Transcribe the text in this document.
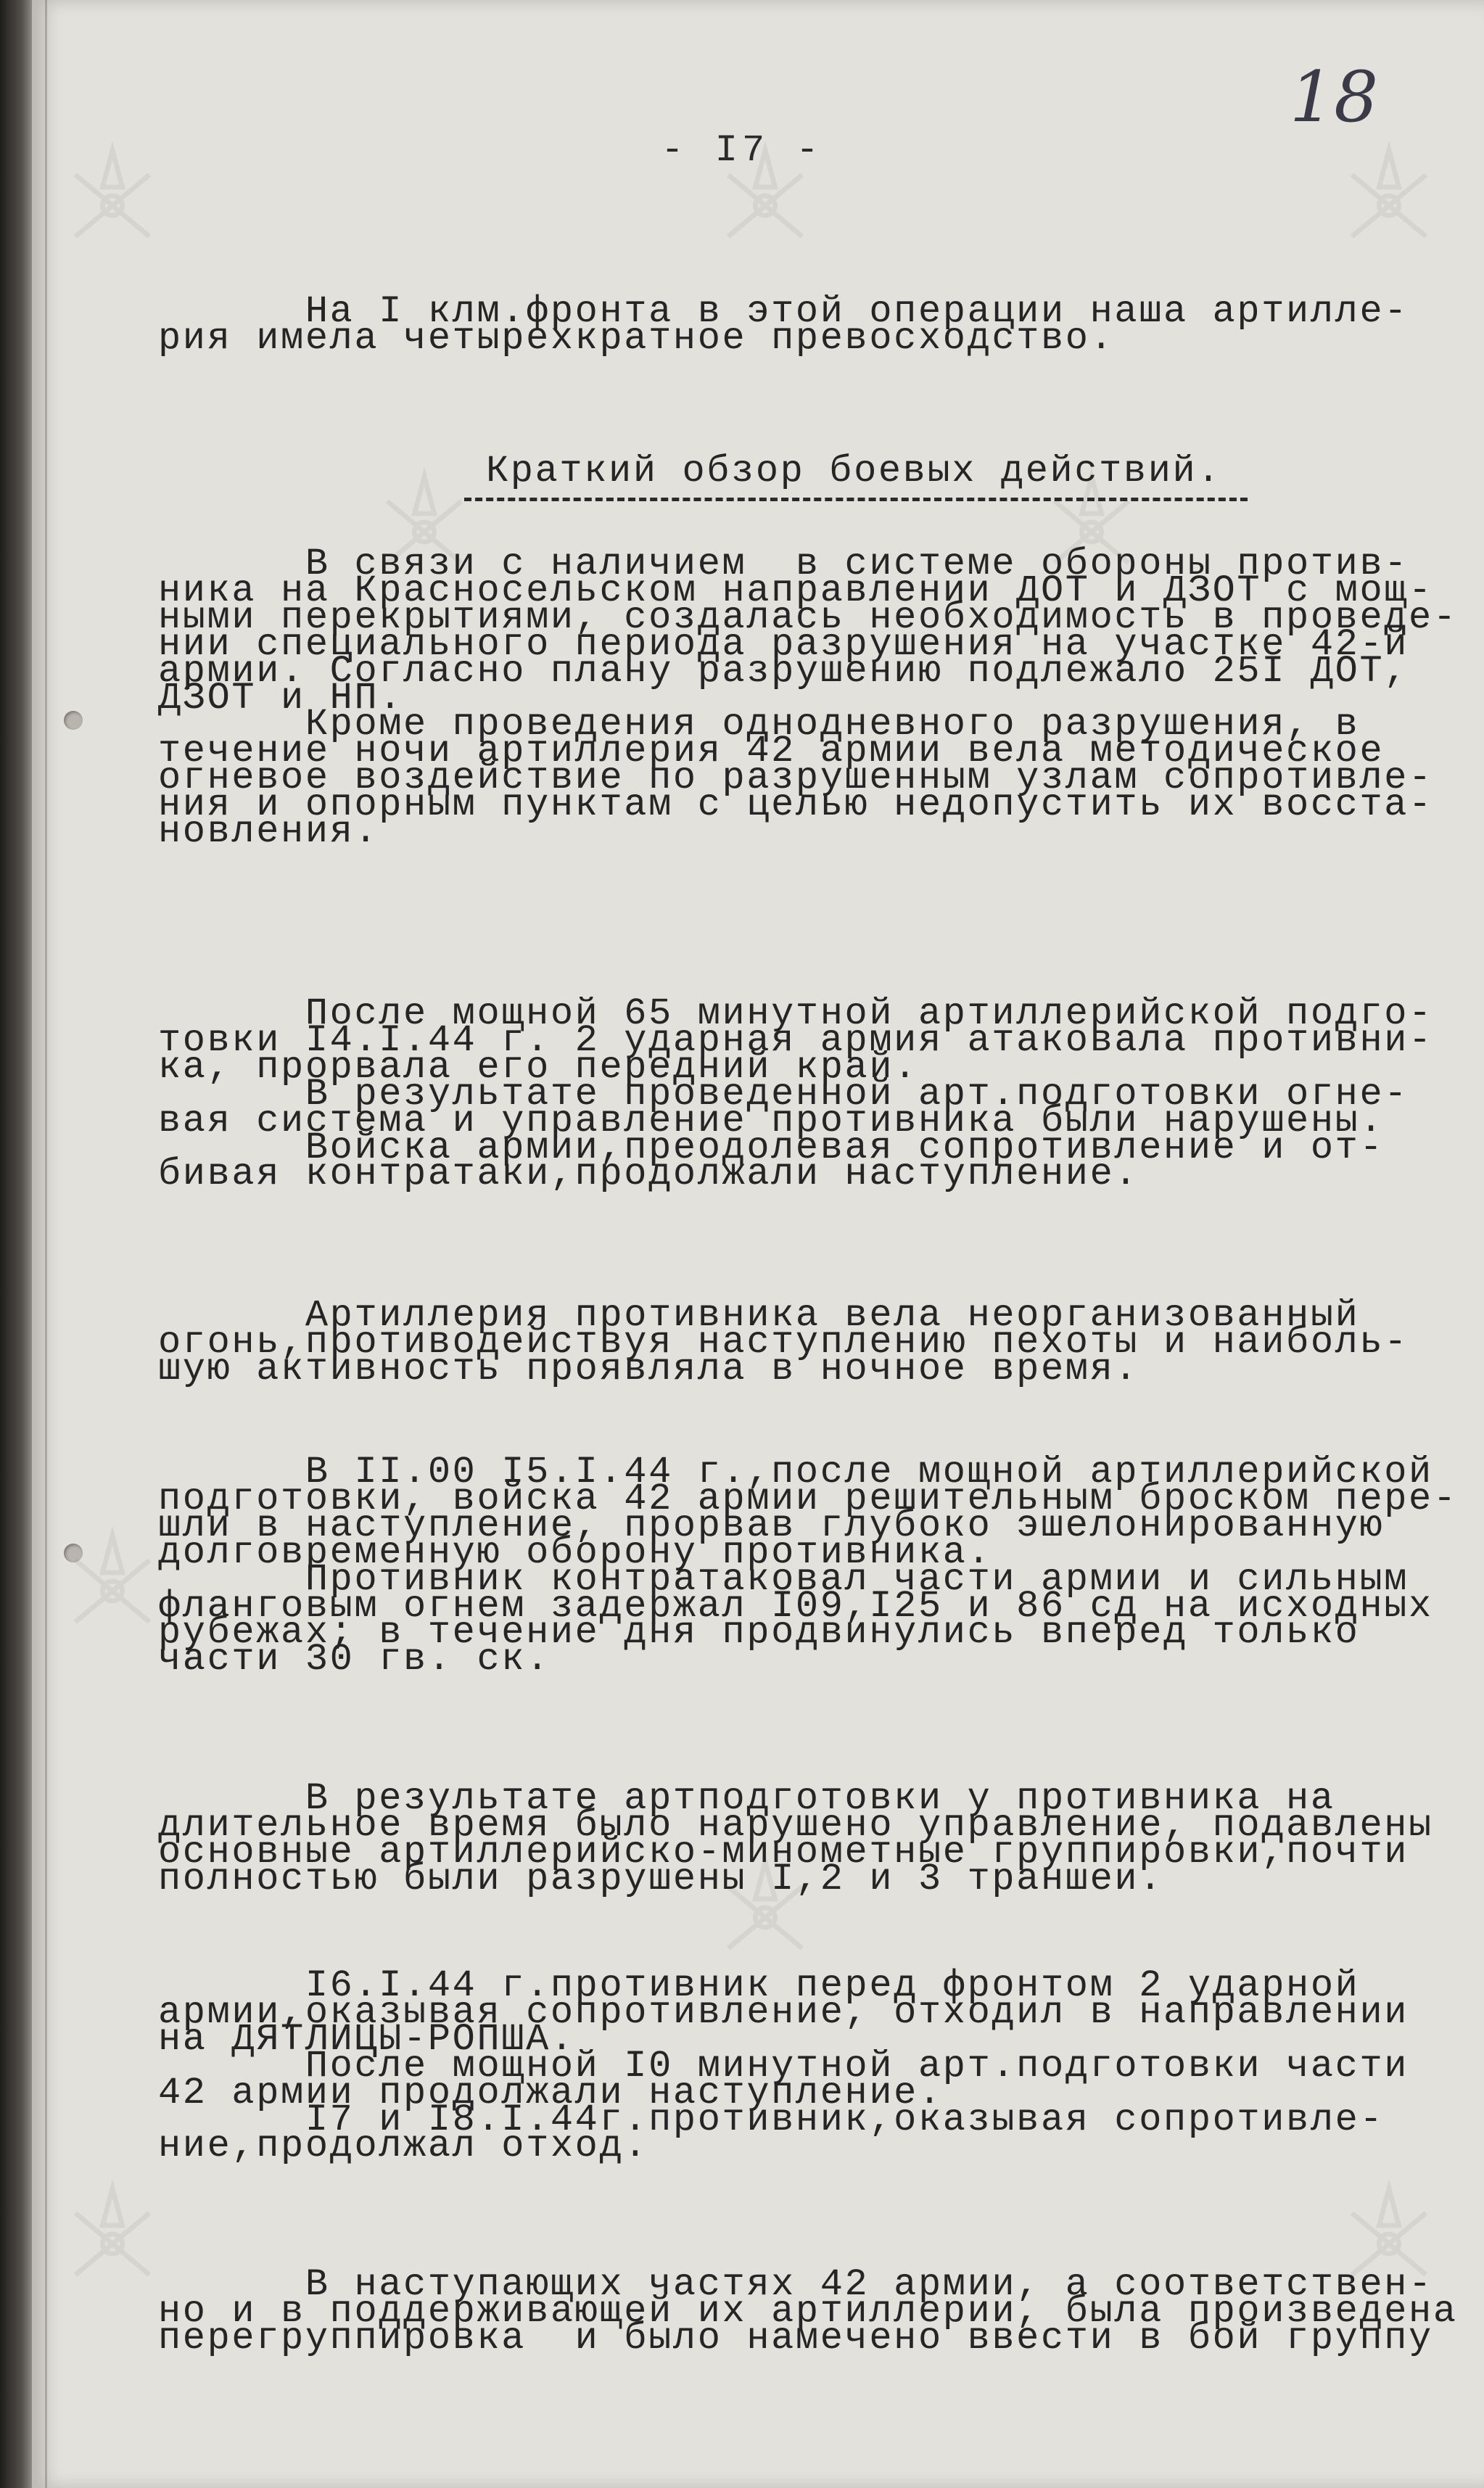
18
- I7 -
На I клм.фронта в этой операции наша артилле-
рия имела четырехкратное превосходство.
Краткий обзор боевых действий.
В связи с наличием  в системе обороны против-
ника на Красносельском направлении ДОТ и ДЗОТ с мощ-
ными перекрытиями, создалась необходимость в проведе-
нии специального периода разрушения на участке 42-й
армии. Согласно плану разрушению подлежало 25I ДОТ,
ДЗОТ и НП.
Кроме проведения однодневного разрушения, в
течение ночи артиллерия 42 армии вела методическое
огневое воздействие по разрушенным узлам сопротивле-
ния и опорным пунктам с целью недопустить их восста-
новления.
После мощной 65 минутной артиллерийской подго-
товки I4.I.44 г. 2 ударная армия атаковала противни-
ка, прорвала его передний край.
В результате проведенной арт.подготовки огне-
вая система и управление противника были нарушены.
Войска армии,преодолевая сопротивление и от-
бивая контратаки,продолжали наступление.
Артиллерия противника вела неорганизованный
огонь,противодействуя наступлению пехоты и наиболь-
шую активность проявляла в ночное время.
В II.00 I5.I.44 г.,после мощной артиллерийской
подготовки, войска 42 армии решительным броском пере-
шли в наступление, прорвав глубоко эшелонированную
долговременную оборону противника.
Противник контратаковал части армии и сильным
фланговым огнем задержал I09,I25 и 86 сд на исходных
рубежах; в течение дня продвинулись вперед только
части 30 гв. ск.
В результате артподготовки у противника на
длительное время было нарушено управление, подавлены
основные артиллерийско-минометные группировки,почти
полностью были разрушены I,2 и 3 траншеи.
I6.I.44 г.противник перед фронтом 2 ударной
армии,оказывая сопротивление, отходил в направлении
на ДЯТЛИЦЫ-РОПША.
После мощной I0 минутной арт.подготовки части
42 армии продолжали наступление.
I7 и I8.I.44г.противник,оказывая сопротивле-
ние,продолжал отход.
В наступающих частях 42 армии, а соответствен-
но и в поддерживающей их артиллерии, была произведена
перегруппировка  и было намечено ввести в бой группу
